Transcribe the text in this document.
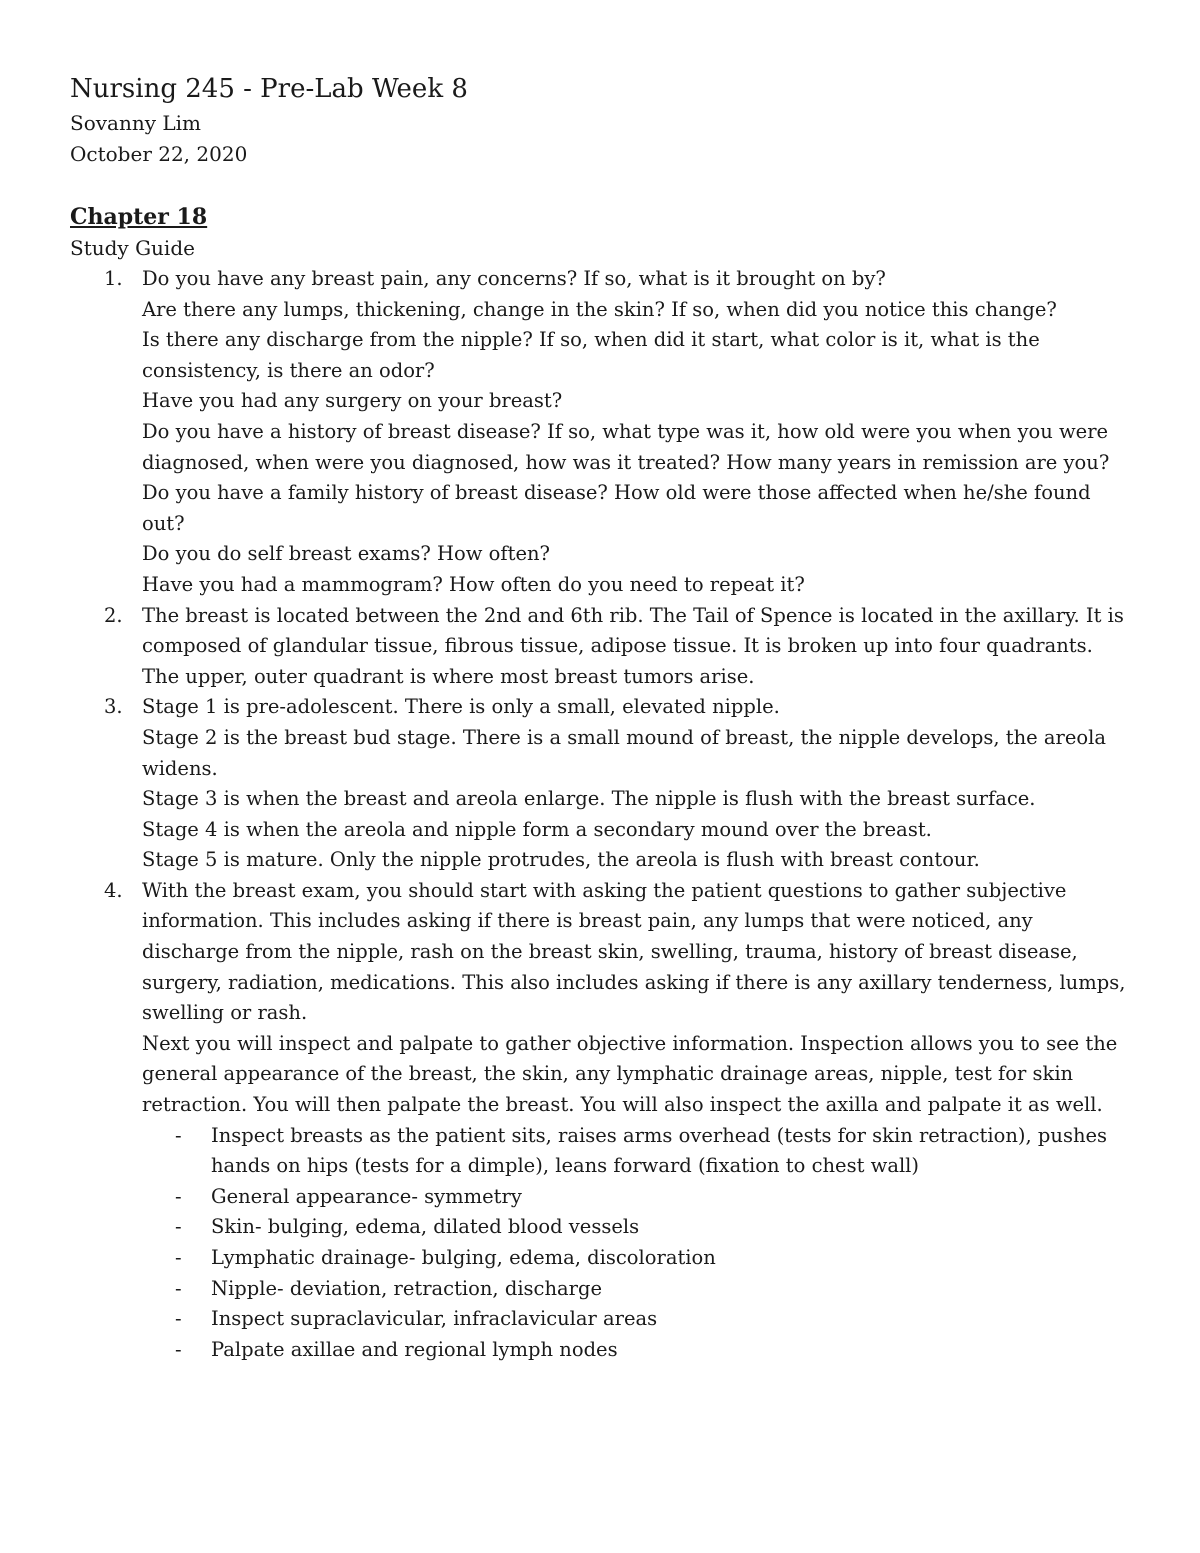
Nursing 245 - Pre-Lab Week 8

Sovanny Lim

October 22, 2020

Chapter 18

Study Guide

1. Do you have any breast pain, any concerns? If so, what is it brought on by?

Are there any lumps, thickening, change in the skin? If so, when did you notice this change?

Is there any discharge from the nipple? If so, when did it start, what color is it, what is the consistency, is there an odor?

Have you had any surgery on your breast?

Do you have a history of breast disease? If so, what type was it, how old were you when you were diagnosed, when were you diagnosed, how was it treated? How many years in remission are you?

Do you have a family history of breast disease? How old were those affected when he/she found out?

Do you do self breast exams? How often?

Have you had a mammogram? How often do you need to repeat it?

2. The breast is located between the 2nd and 6th rib. The Tail of Spence is located in the axillary. It is composed of glandular tissue, fibrous tissue, adipose tissue. It is broken up into four quadrants. The upper, outer quadrant is where most breast tumors arise.

3. Stage 1 is pre-adolescent. There is only a small, elevated nipple.

Stage 2 is the breast bud stage. There is a small mound of breast, the nipple develops, the areola widens.

Stage 3 is when the breast and areola enlarge. The nipple is flush with the breast surface.

Stage 4 is when the areola and nipple form a secondary mound over the breast.

Stage 5 is mature. Only the nipple protrudes, the areola is flush with breast contour.

4. With the breast exam, you should start with asking the patient questions to gather subjective information. This includes asking if there is breast pain, any lumps that were noticed, any discharge from the nipple, rash on the breast skin, swelling, trauma, history of breast disease, surgery, radiation, medications. This also includes asking if there is any axillary tenderness, lumps, swelling or rash.

Next you will inspect and palpate to gather objective information. Inspection allows you to see the general appearance of the breast, the skin, any lymphatic drainage areas, nipple, test for skin retraction. You will then palpate the breast. You will also inspect the axilla and palpate it as well.

- Inspect breasts as the patient sits, raises arms overhead (tests for skin retraction), pushes hands on hips (tests for a dimple), leans forward (fixation to chest wall)
- General appearance- symmetry
- Skin- bulging, edema, dilated blood vessels
- Lymphatic drainage- bulging, edema, discoloration
- Nipple- deviation, retraction, discharge
- Inspect supraclavicular, infraclavicular areas
- Palpate axillae and regional lymph nodes
